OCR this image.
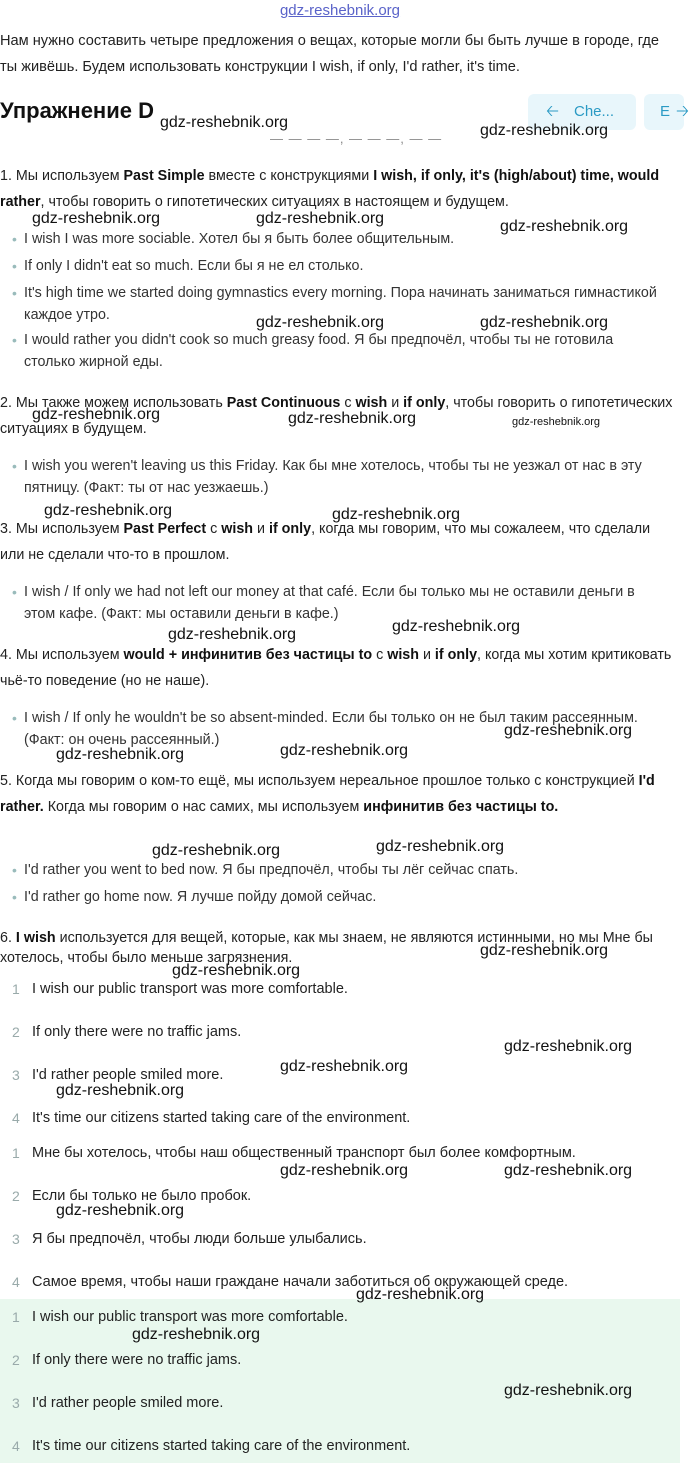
gdz-reshebnik.org
Нам нужно составить четыре предложения о вещах, которые могли бы быть лучше в городе, где ты живёшь. Будем использовать конструкции I wish, if only, I'd rather, it's time.
Упражнение D	🡠 Che...	E 🡢
— — — —, — — —, — —
1. Мы используем Past Simple вместе с конструкциями I wish, if only, it's (high/about) time, would rather, чтобы говорить о гипотетических ситуациях в настоящем и будущем.
• I wish I was more sociable. Хотел бы я быть более общительным.
• If only I didn't eat so much. Если бы я не ел столько.
• It's high time we started doing gymnastics every morning. Пора начинать заниматься гимнастикой каждое утро.
• I would rather you didn't cook so much greasy food. Я бы предпочёл, чтобы ты не готовила столько жирной еды.
2. Мы также можем использовать Past Continuous с wish и if only, чтобы говорить о гипотетических ситуациях в будущем.
• I wish you weren't leaving us this Friday. Как бы мне хотелось, чтобы ты не уезжал от нас в эту пятницу. (Факт: ты от нас уезжаешь.)
3. Мы используем Past Perfect с wish и if only, когда мы говорим, что мы сожалеем, что сделали или не сделали что-то в прошлом.
• I wish / If only we had not left our money at that café. Если бы только мы не оставили деньги в этом кафе. (Факт: мы оставили деньги в кафе.)
4. Мы используем would + инфинитив без частицы to с wish и if only, когда мы хотим критиковать чьё-то поведение (но не наше).
• I wish / If only he wouldn't be so absent-minded. Если бы только он не был таким рассеянным. (Факт: он очень рассеянный.)
5. Когда мы говорим о ком-то ещё, мы используем нереальное прошлое только с конструкцией I'd rather. Когда мы говорим о нас самих, мы используем инфинитив без частицы to.
• I'd rather you went to bed now. Я бы предпочёл, чтобы ты лёг сейчас спать.
• I'd rather go home now. Я лучше пойду домой сейчас.
6. I wish используется для вещей, которые, как мы знаем, не являются истинными, но мы Мне бы хотелось, чтобы было меньше загрязнения.
1 I wish our public transport was more comfortable.
2 If only there were no traffic jams.
3 I'd rather people smiled more.
4 It's time our citizens started taking care of the environment.
1 Мне бы хотелось, чтобы наш общественный транспорт был более комфортным.
2 Если бы только не было пробок.
3 Я бы предпочёл, чтобы люди больше улыбались.
4 Самое время, чтобы наши граждане начали заботиться об окружающей среде.
1 I wish our public transport was more comfortable.
2 If only there were no traffic jams.
3 I'd rather people smiled more.
4 It's time our citizens started taking care of the environment.
gdz-reshebnik.org	gdz-reshebnik.org
gdz-reshebnik.org	gdz-reshebnik.org	gdz-reshebnik.org
gdz-reshebnik.org	gdz-reshebnik.org
gdz-reshebnik.org	gdz-reshebnik.org	gdz-reshebnik.org
gdz-reshebnik.org	gdz-reshebnik.org
gdz-reshebnik.org	gdz-reshebnik.org
gdz-reshebnik.org
gdz-reshebnik.org	gdz-reshebnik.org
gdz-reshebnik.org	gdz-reshebnik.org
gdz-reshebnik.org
gdz-reshebnik.org
gdz-reshebnik.org
gdz-reshebnik.org
gdz-reshebnik.org
gdz-reshebnik.org	gdz-reshebnik.org
gdz-reshebnik.org
gdz-reshebnik.org
gdz-reshebnik.org
gdz-reshebnik.org
